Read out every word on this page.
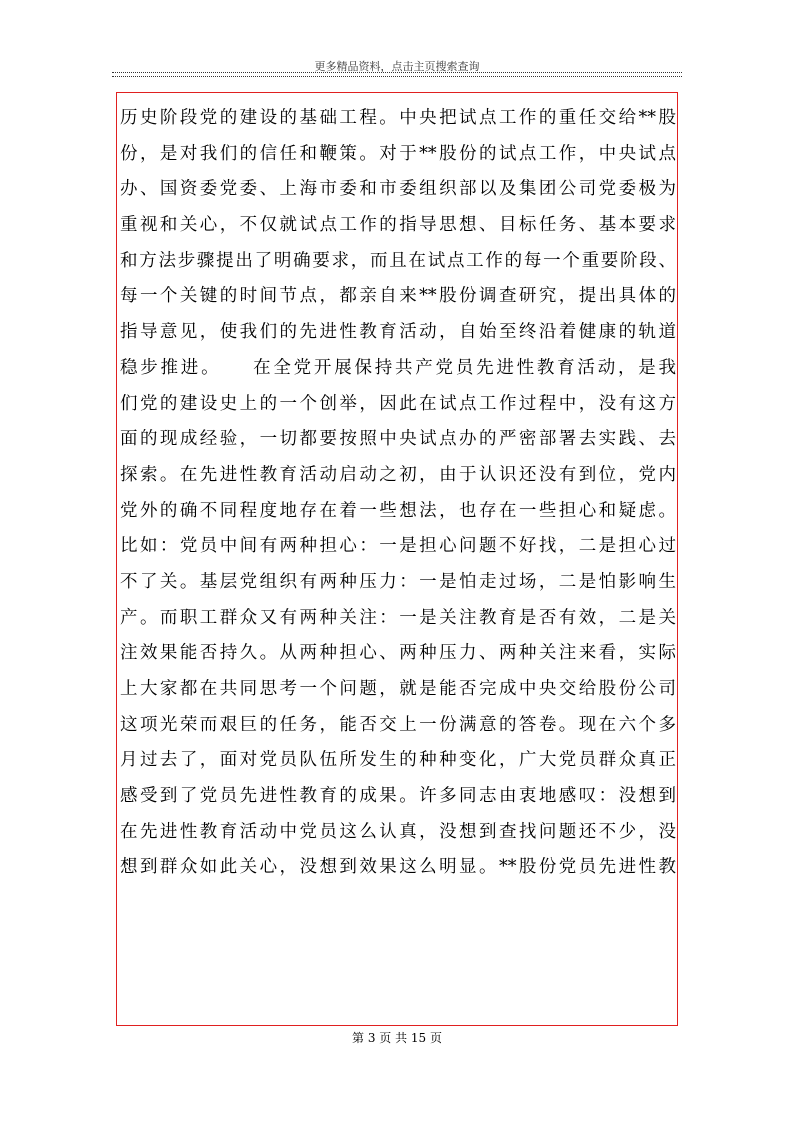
更多精品资料，点击主页搜索查询
历史阶段党的建设的基础工程。中央把试点工作的重任交给**股
份，是对我们的信任和鞭策。对于**股份的试点工作，中央试点
办、国资委党委、上海市委和市委组织部以及集团公司党委极为
重视和关心，不仅就试点工作的指导思想、目标任务、基本要求
和方法步骤提出了明确要求，而且在试点工作的每一个重要阶段、
每一个关键的时间节点，都亲自来**股份调查研究，提出具体的
指导意见，使我们的先进性教育活动，自始至终沿着健康的轨道
稳步推进。　　在全党开展保持共产党员先进性教育活动，是我
们党的建设史上的一个创举，因此在试点工作过程中，没有这方
面的现成经验，一切都要按照中央试点办的严密部署去实践、去
探索。在先进性教育活动启动之初，由于认识还没有到位，党内
党外的确不同程度地存在着一些想法，也存在一些担心和疑虑。
比如：党员中间有两种担心：一是担心问题不好找，二是担心过
不了关。基层党组织有两种压力：一是怕走过场，二是怕影响生
产。而职工群众又有两种关注：一是关注教育是否有效，二是关
注效果能否持久。从两种担心、两种压力、两种关注来看，实际
上大家都在共同思考一个问题，就是能否完成中央交给股份公司
这项光荣而艰巨的任务，能否交上一份满意的答卷。现在六个多
月过去了，面对党员队伍所发生的种种变化，广大党员群众真正
感受到了党员先进性教育的成果。许多同志由衷地感叹：没想到
在先进性教育活动中党员这么认真，没想到查找问题还不少，没
想到群众如此关心，没想到效果这么明显。**股份党员先进性教
第 3 页 共 15 页
